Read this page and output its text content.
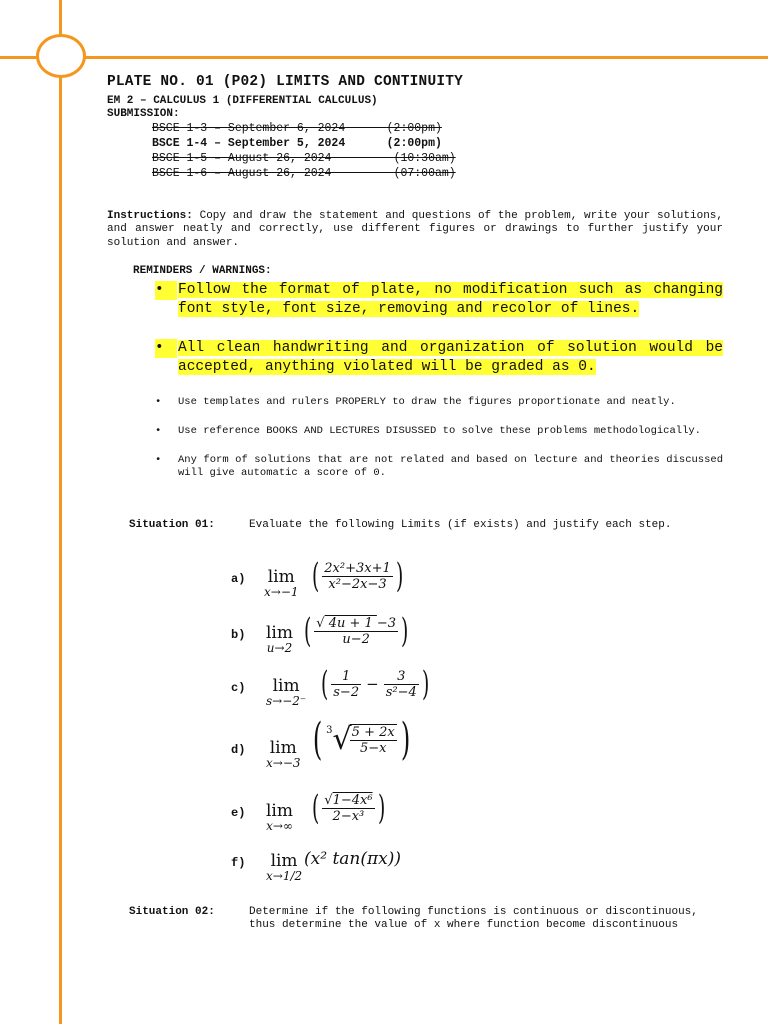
PLATE NO. 01 (P02) LIMITS AND CONTINUITY
EM 2 – CALCULUS 1 (DIFFERENTIAL CALCULUS)
SUBMISSION:
BSCE 1-3 – September 6, 2024	(2:00pm)
BSCE 1-4 – September 5, 2024	(2:00pm)
BSCE 1-5 – August 26, 2024	(10:30am)
BSCE 1-6 – August 26, 2024	(07:00am)
Instructions: Copy and draw the statement and questions of the problem, write your solutions, and answer neatly and correctly, use different figures or drawings to further justify your solution and answer.
REMINDERS / WARNINGS:
• Follow the format of plate, no modification such as changing font style, font size, removing and recolor of lines.
• All clean handwriting and organization of solution would be accepted, anything violated will be graded as 0.
• Use templates and rulers PROPERLY to draw the figures proportionate and neatly.
• Use reference BOOKS AND LECTURES DISUSSED to solve these problems methodologically.
• Any form of solutions that are not related and based on lecture and theories discussed will give automatic a score of 0.
Situation 01:	Evaluate the following Limits (if exists) and justify each step.
a) lim
x→−1 ( $\frac{\text{2x²+3x+1}}{\text{x²−2x−3}}$ )
b) lim
u→2 ( $\frac{√ 4u + 1 -3}{u-2}$ )
c)	lim
s→−2⁻ ( $\frac{1}{s-2} - \frac{3}{\text{s²−4}}$ )
d) lim
x→−3 ( 3 √
$\frac{5 + 2x}{5-x}$ )
e) lim
x→∞ ( $\frac{\text{√1−4x⁶}}{\text{2−x³}}$ )
f) lim
x→1/2
(x² tan(πx))
Situation 02:	Determine if the following functions is continuous or discontinuous, thus determine the value of x where function become discontinuous
